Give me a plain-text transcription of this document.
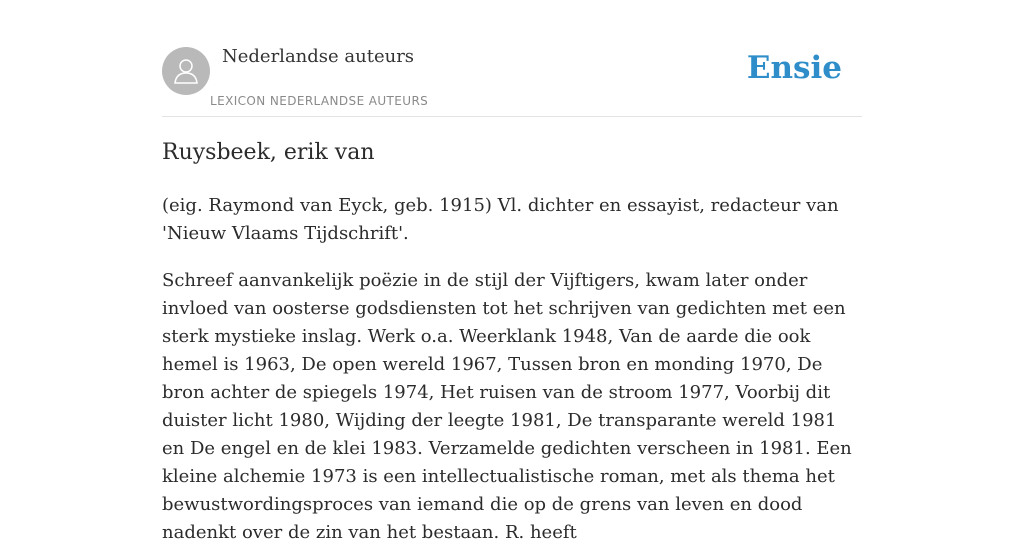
Nederlandse auteurs
LEXICON NEDERLANDSE AUTEURS
Ensie
Ruysbeek, erik van

(eig. Raymond van Eyck, geb. 1915) Vl. dichter en essayist, redacteur van 'Nieuw Vlaams Tijdschrift'.

Schreef aanvankelijk poëzie in de stijl der Vijftigers, kwam later onder invloed van oosterse godsdiensten tot het schrijven van gedichten met een sterk mystieke inslag. Werk o.a. Weerklank 1948, Van de aarde die ook hemel is 1963, De open wereld 1967, Tussen bron en monding 1970, De bron achter de spiegels 1974, Het ruisen van de stroom 1977, Voorbij dit duister licht 1980, Wijding der leegte 1981, De transparante wereld 1981 en De engel en de klei 1983. Verzamelde gedichten verscheen in 1981. Een kleine alchemie 1973 is een intellectualistische roman, met als thema het bewustwordingsproces van iemand die op de grens van leven en dood nadenkt over de zin van het bestaan. R. heeft
